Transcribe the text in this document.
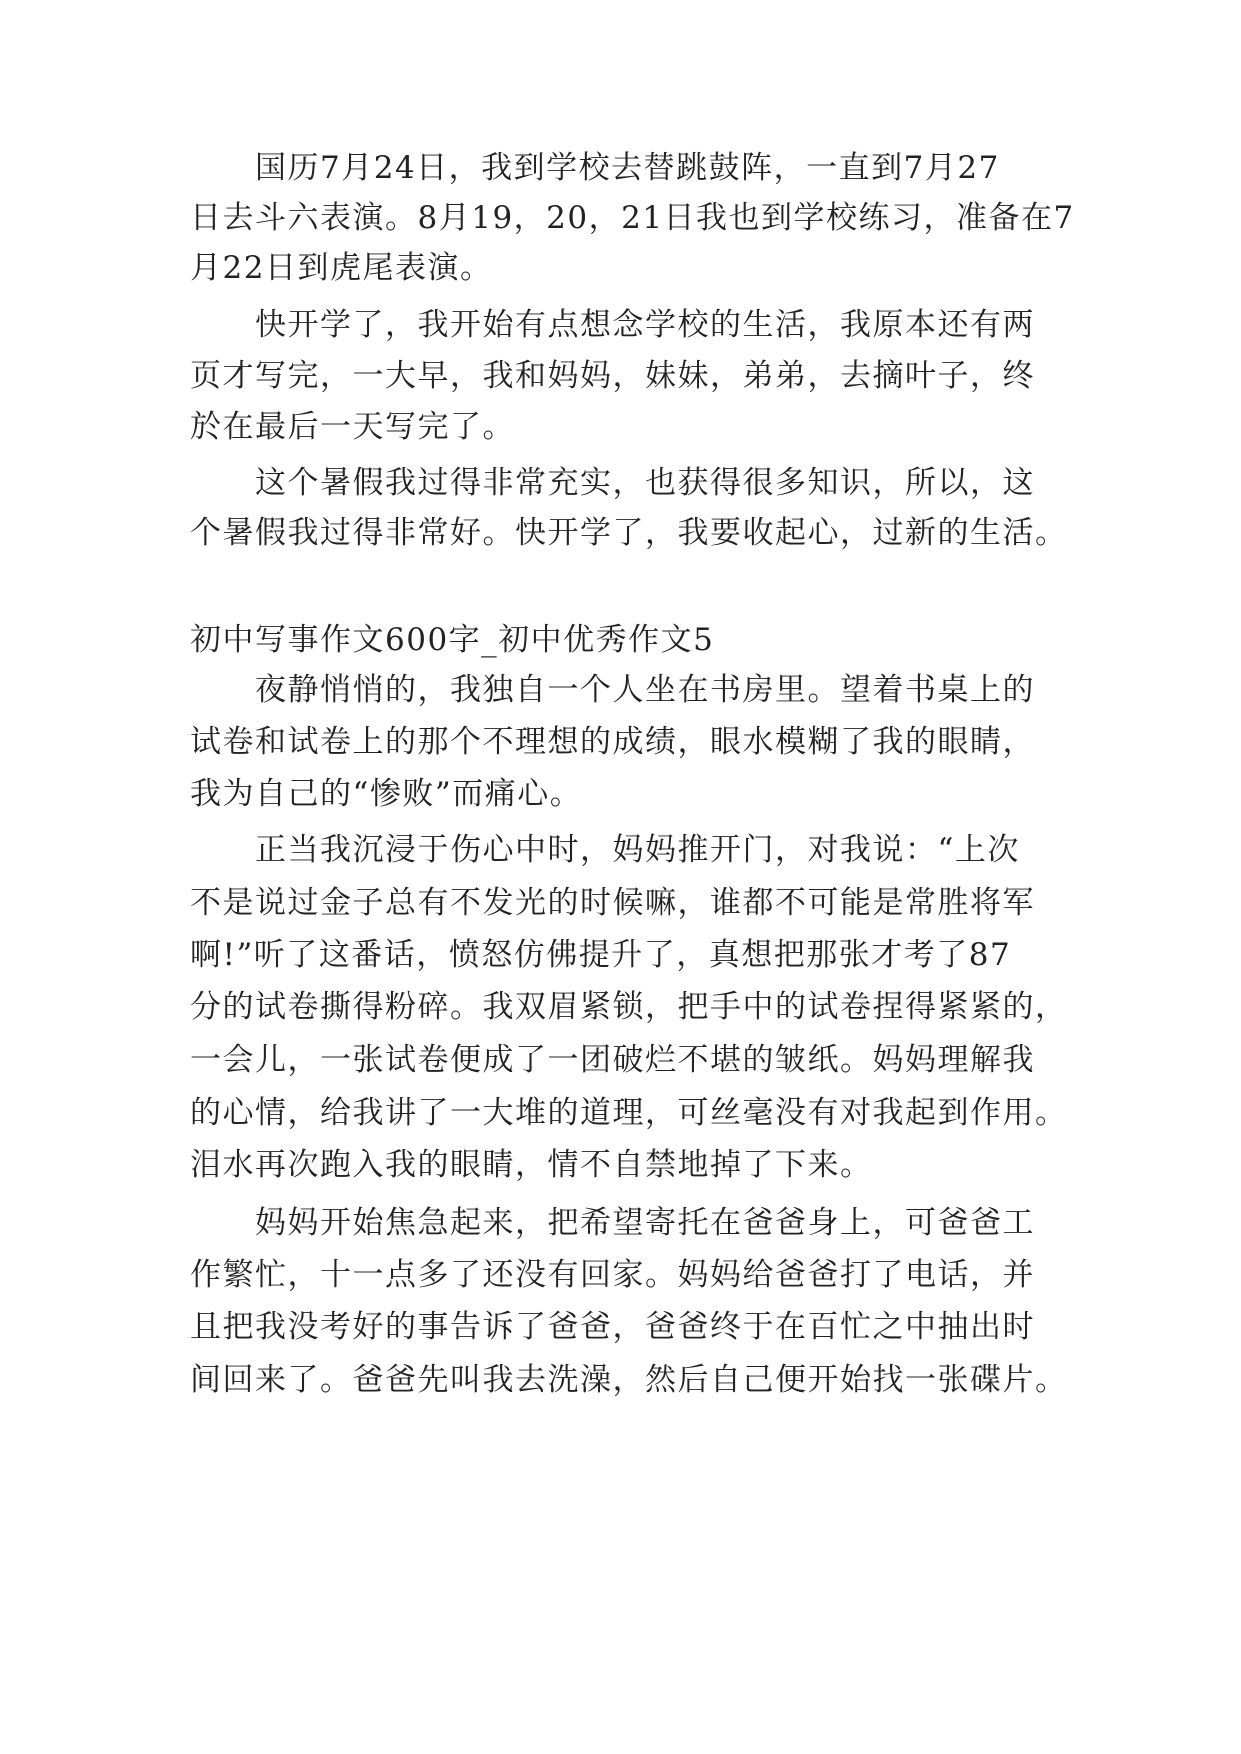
国历7月24日，我到学校去替跳鼓阵，一直到7月27
日去斗六表演。8月19，20，21日我也到学校练习，准备在7
月22日到虎尾表演。
快开学了，我开始有点想念学校的生活，我原本还有两
页才写完，一大早，我和妈妈，妹妹，弟弟，去摘叶子，终
於在最后一天写完了。
这个暑假我过得非常充实，也获得很多知识，所以，这
个暑假我过得非常好。快开学了，我要收起心，过新的生活。
初中写事作文600字_初中优秀作文5
夜静悄悄的，我独自一个人坐在书房里。望着书桌上的
试卷和试卷上的那个不理想的成绩，眼水模糊了我的眼睛，
我为自己的“惨败”而痛心。
正当我沉浸于伤心中时，妈妈推开门，对我说：“上次
不是说过金子总有不发光的时候嘛，谁都不可能是常胜将军
啊!”听了这番话，愤怒仿佛提升了，真想把那张才考了87
分的试卷撕得粉碎。我双眉紧锁，把手中的试卷捏得紧紧的，
一会儿，一张试卷便成了一团破烂不堪的皱纸。妈妈理解我
的心情，给我讲了一大堆的道理，可丝毫没有对我起到作用。
泪水再次跑入我的眼睛，情不自禁地掉了下来。
妈妈开始焦急起来，把希望寄托在爸爸身上，可爸爸工
作繁忙，十一点多了还没有回家。妈妈给爸爸打了电话，并
且把我没考好的事告诉了爸爸，爸爸终于在百忙之中抽出时
间回来了。爸爸先叫我去洗澡，然后自己便开始找一张碟片。
